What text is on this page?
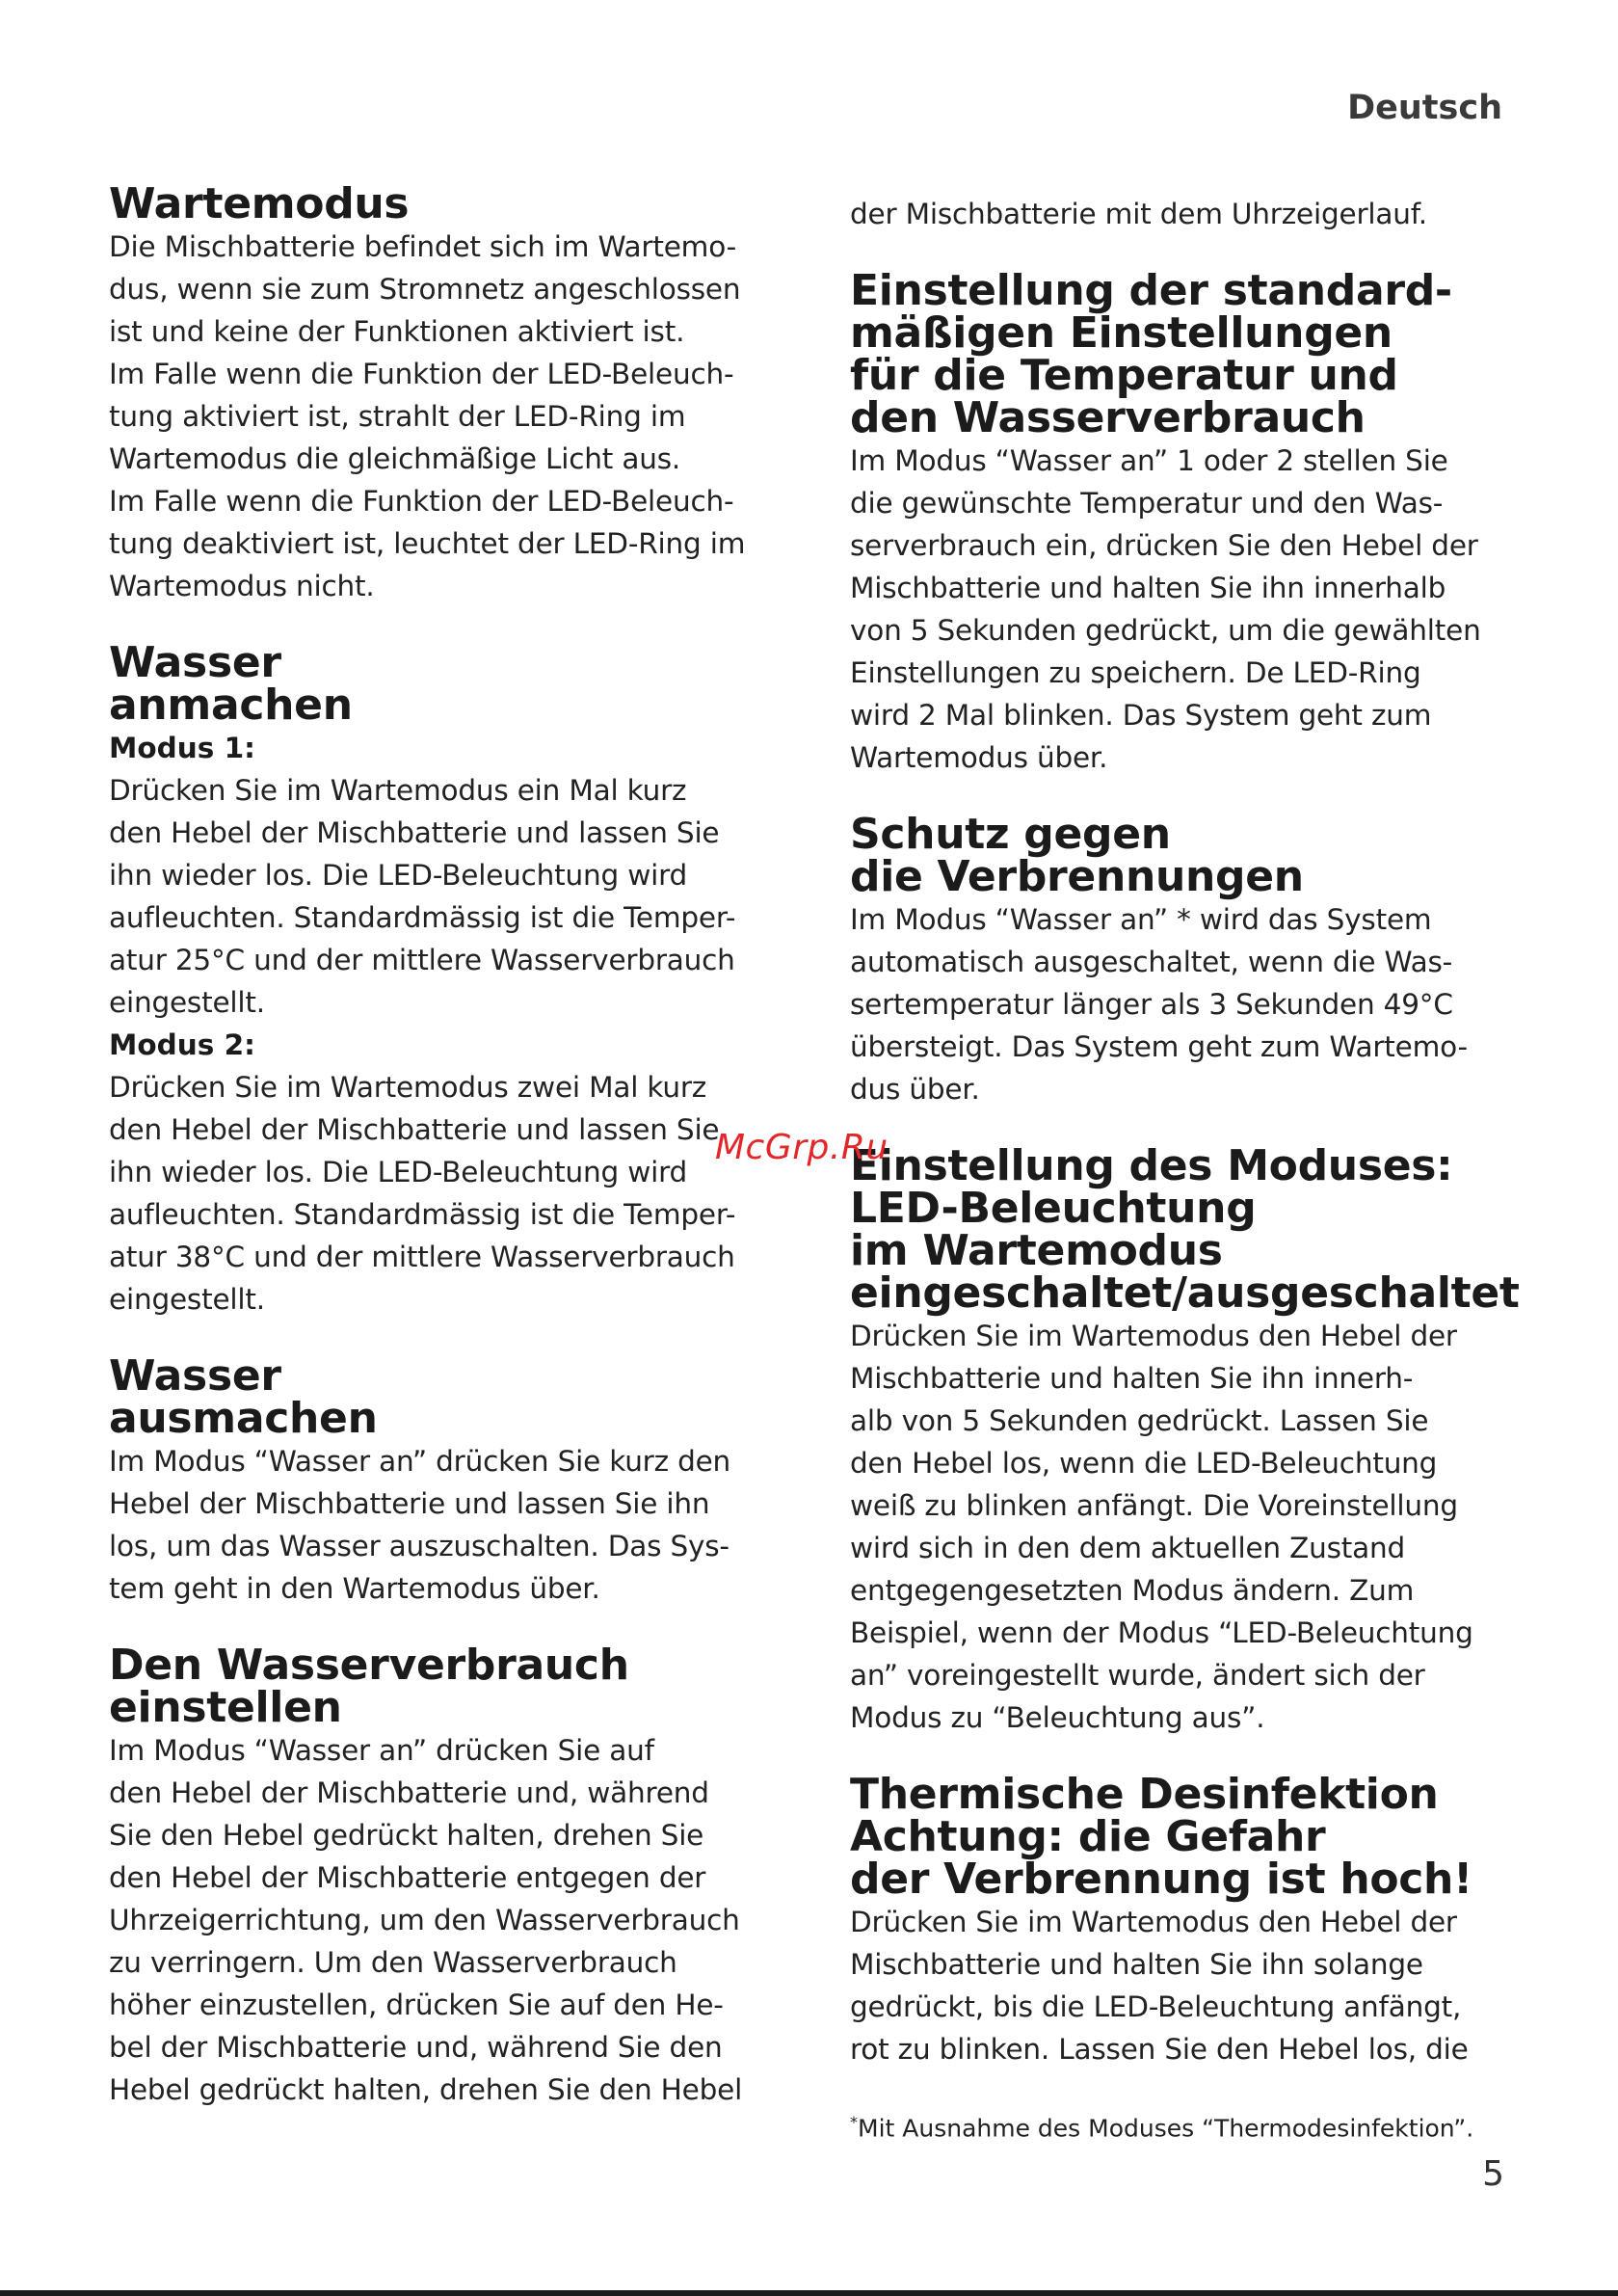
Deutsch
Wartemodus

Die Mischbatterie befindet sich im Wartemo-

dus, wenn sie zum Stromnetz angeschlossen

ist und keine der Funktionen aktiviert ist.

Im Falle wenn die Funktion der LED-Beleuch-

tung aktiviert ist, strahlt der LED-Ring im

Wartemodus die gleichmäßige Licht aus.

Im Falle wenn die Funktion der LED-Beleuch-

tung deaktiviert ist, leuchtet der LED-Ring im

Wartemodus nicht.

Wasser
anmachen

Modus 1:

Drücken Sie im Wartemodus ein Mal kurz

den Hebel der Mischbatterie und lassen Sie

ihn wieder los. Die LED-Beleuchtung wird

aufleuchten. Standardmässig ist die Temper-

atur 25°C und der mittlere Wasserverbrauch

eingestellt.

Modus 2:

Drücken Sie im Wartemodus zwei Mal kurz

den Hebel der Mischbatterie und lassen Sie

ihn wieder los. Die LED-Beleuchtung wird

aufleuchten. Standardmässig ist die Temper-

atur 38°C und der mittlere Wasserverbrauch

eingestellt.

Wasser
ausmachen

Im Modus “Wasser an” drücken Sie kurz den

Hebel der Mischbatterie und lassen Sie ihn

los, um das Wasser auszuschalten. Das Sys-

tem geht in den Wartemodus über.

Den Wasserverbrauch
einstellen

Im Modus “Wasser an” drücken Sie auf

den Hebel der Mischbatterie und, während

Sie den Hebel gedrückt halten, drehen Sie

den Hebel der Mischbatterie entgegen der

Uhrzeigerrichtung, um den Wasserverbrauch

zu verringern. Um den Wasserverbrauch

höher einzustellen, drücken Sie auf den He-

bel der Mischbatterie und, während Sie den

Hebel gedrückt halten, drehen Sie den Hebel

der Mischbatterie mit dem Uhrzeigerlauf.

Einstellung der standard-
mäßigen Einstellungen
für die Temperatur und
den Wasserverbrauch

Im Modus “Wasser an” 1 oder 2 stellen Sie

die gewünschte Temperatur und den Was-

serverbrauch ein, drücken Sie den Hebel der

Mischbatterie und halten Sie ihn innerhalb

von 5 Sekunden gedrückt, um die gewählten

Einstellungen zu speichern. De LED-Ring

wird 2 Mal blinken. Das System geht zum

Wartemodus über.

Schutz gegen
die Verbrennungen

Im Modus “Wasser an” * wird das System

automatisch ausgeschaltet, wenn die Was-

sertemperatur länger als 3 Sekunden 49°C

übersteigt. Das System geht zum Wartemo-

dus über.

Einstellung des Moduses:
LED-Beleuchtung
im Wartemodus
eingeschaltet/ausgeschaltet

Drücken Sie im Wartemodus den Hebel der

Mischbatterie und halten Sie ihn innerh-

alb von 5 Sekunden gedrückt. Lassen Sie

den Hebel los, wenn die LED-Beleuchtung

weiß zu blinken anfängt. Die Voreinstellung

wird sich in den dem aktuellen Zustand

entgegengesetzten Modus ändern. Zum

Beispiel, wenn der Modus “LED-Beleuchtung

an” voreingestellt wurde, ändert sich der

Modus zu “Beleuchtung aus”.

Thermische Desinfektion
Achtung: die Gefahr
der Verbrennung ist hoch!

Drücken Sie im Wartemodus den Hebel der

Mischbatterie und halten Sie ihn solange

gedrückt, bis die LED-Beleuchtung anfängt,

rot zu blinken. Lassen Sie den Hebel los, die

*Mit Ausnahme des Moduses “Thermodesinfektion”.
McGrp.Ru
5
